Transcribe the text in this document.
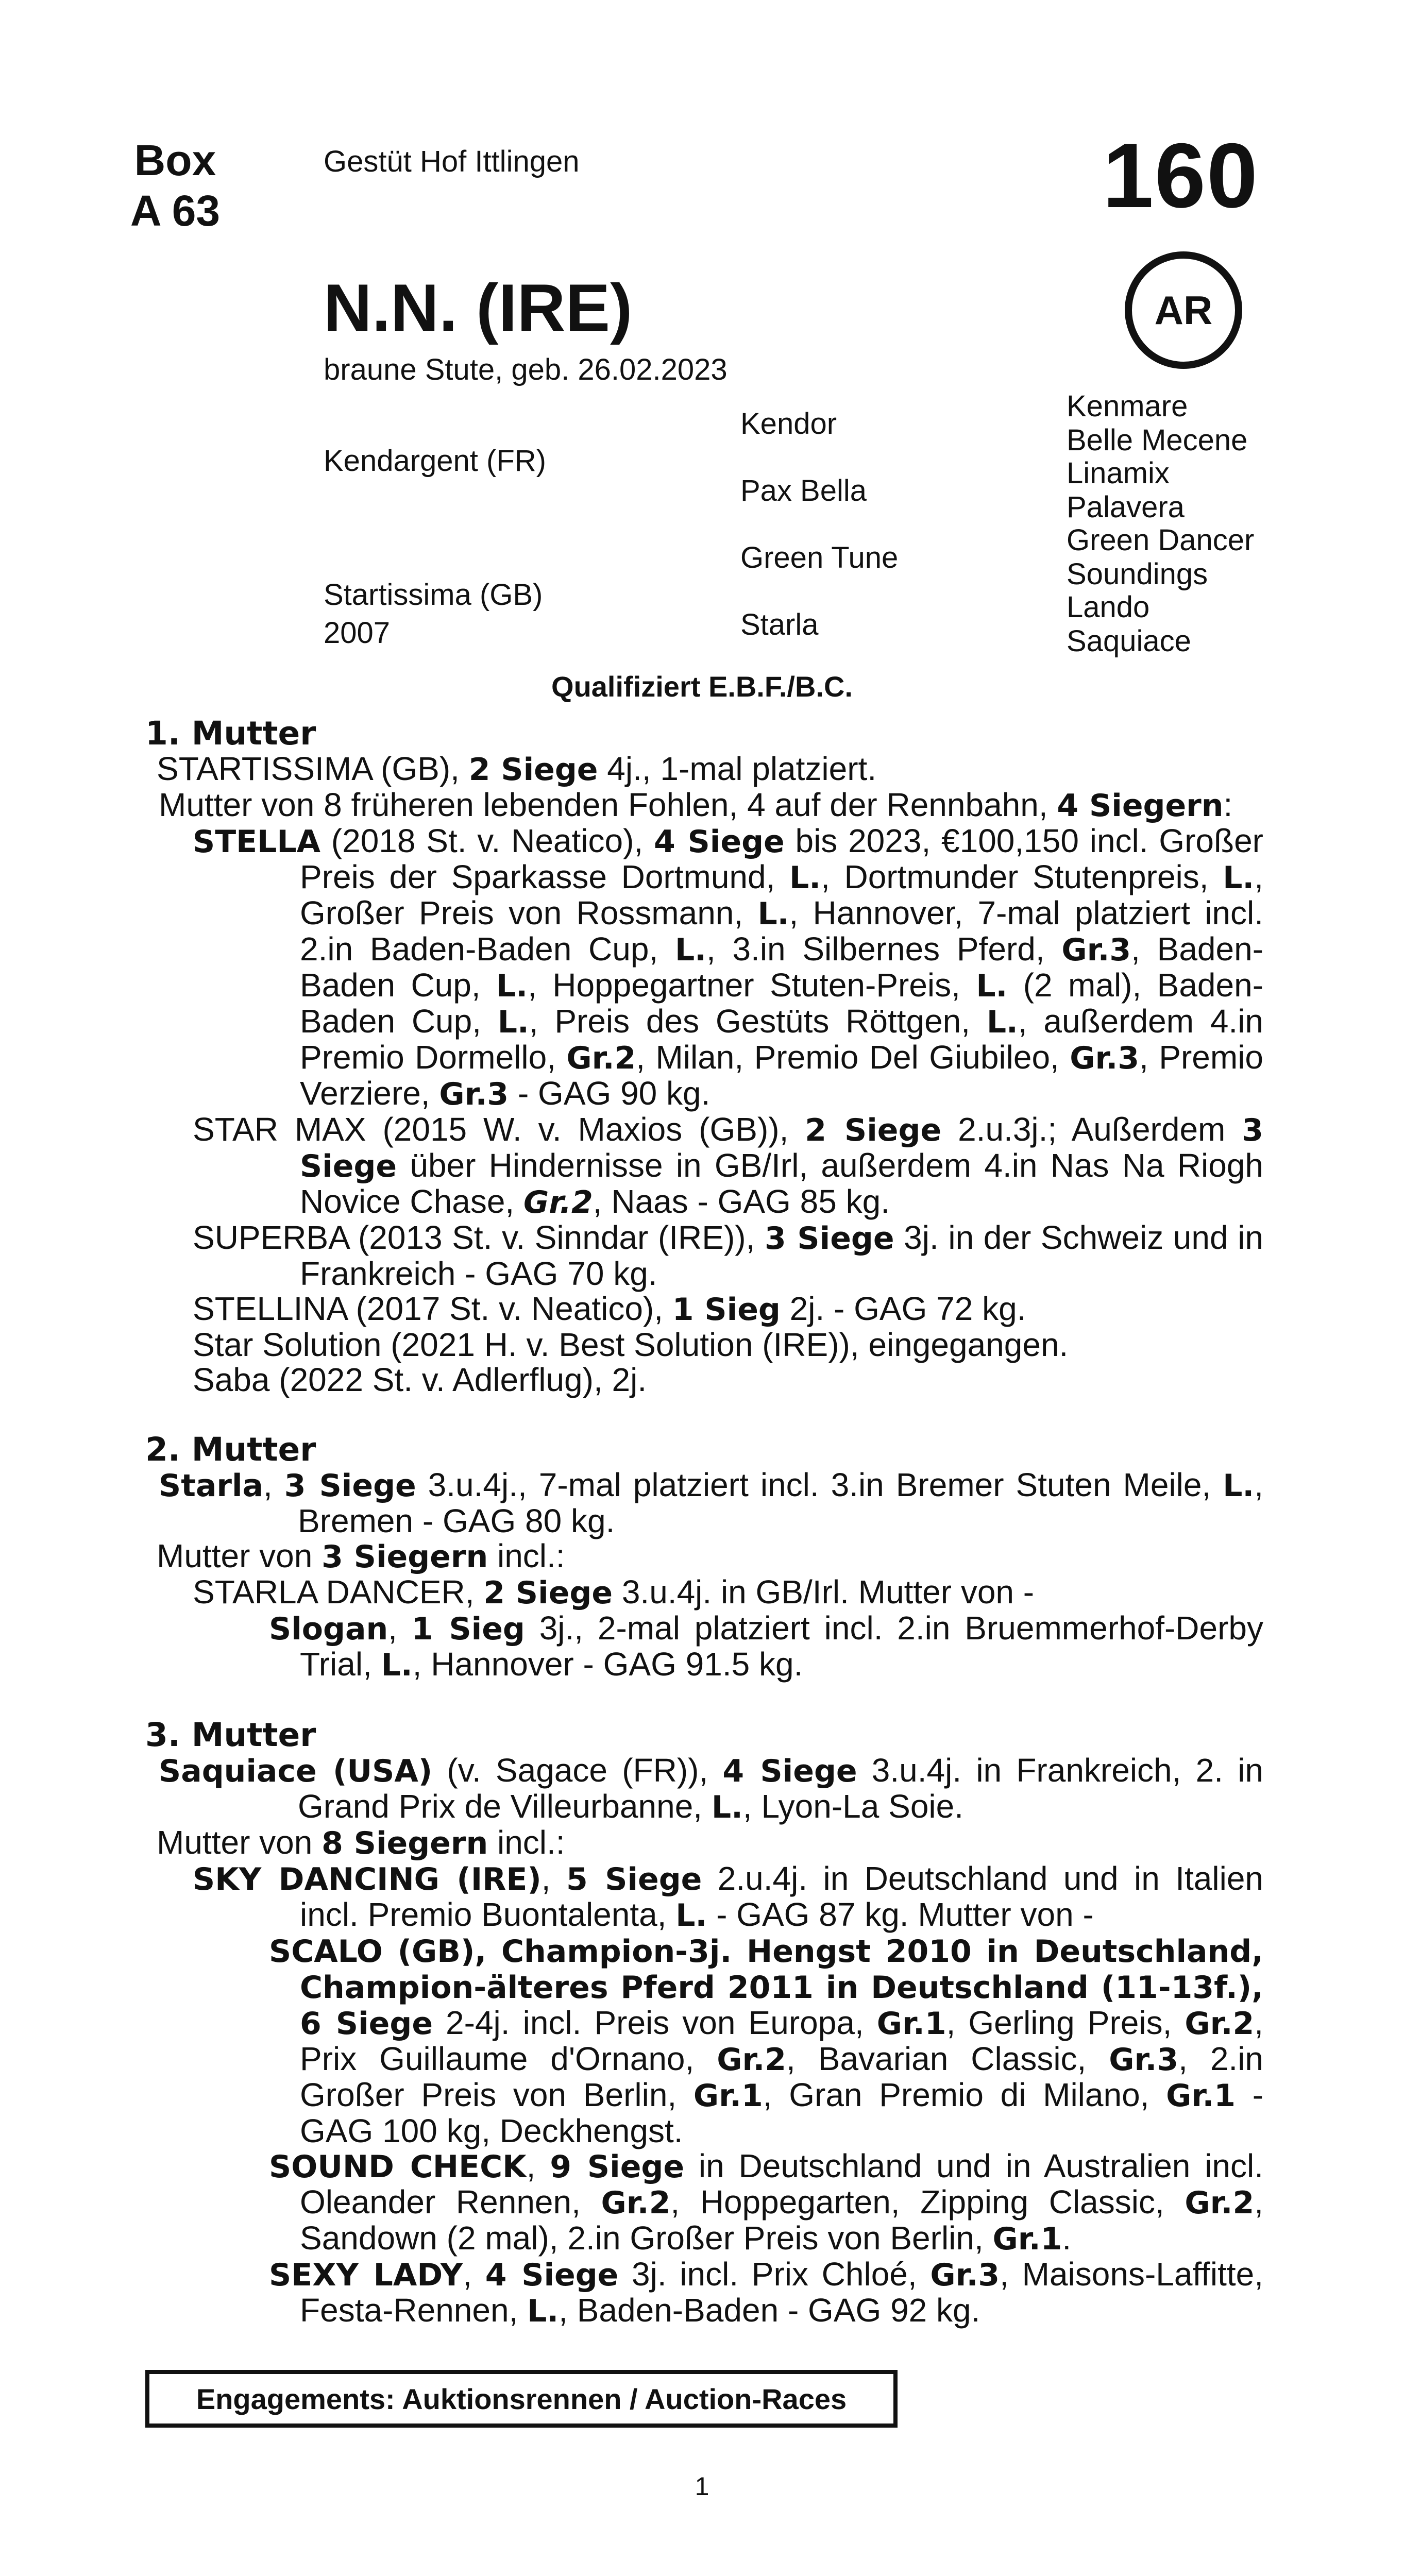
Box
A 63
Gestüt Hof Ittlingen	160
AR
N.N. (IRE)
braune Stute, geb. 26.02.2023
Kendargent (FR)
Startissima (GB)
2007
Kendor
Pax Bella
Green Tune
Starla
Kenmare
Belle Mecene
Linamix
Palavera
Green Dancer
Soundings
Lando
Saquiace
Qualifiziert E.B.F./B.C.
1. Mutter

STARTISSIMA (GB), 2 Siege 4j., 1-mal platziert.

Mutter von 8 früheren lebenden Fohlen, 4 auf der Rennbahn, 4 Siegern:

STELLA (2018 St. v. Neatico), 4 Siege bis 2023, €100,150 incl. Großer Preis der Sparkasse Dortmund, L., Dortmunder Stutenpreis, L., Großer Preis von Rossmann, L., Hannover, 7-mal platziert incl. 2.in Baden-Baden Cup, L., 3.in Silbernes Pferd, Gr.3, Baden-Baden Cup, L., Hoppegartner Stuten-Preis, L. (2 mal), Baden-Baden Cup, L., Preis des Gestüts Röttgen, L., außerdem 4.in Premio Dormello, Gr.2, Milan, Premio Del Giubileo, Gr.3, Premio Verziere, Gr.3 - GAG 90 kg.

STAR MAX (2015 W. v. Maxios (GB)), 2 Siege 2.u.3j.; Außerdem 3 Siege über Hindernisse in GB/Irl, außerdem 4.in Nas Na Riogh Novice Chase, Gr.2, Naas - GAG 85 kg.

SUPERBA (2013 St. v. Sinndar (IRE)), 3 Siege 3j. in der Schweiz und in Frankreich - GAG 70 kg.

STELLINA (2017 St. v. Neatico), 1 Sieg 2j. - GAG 72 kg.

Star Solution (2021 H. v. Best Solution (IRE)), eingegangen.

Saba (2022 St. v. Adlerflug), 2j.

2. Mutter

Starla, 3 Siege 3.u.4j., 7-mal platziert incl. 3.in Bremer Stuten Meile, L., Bremen - GAG 80 kg.

Mutter von 3 Siegern incl.:

STARLA DANCER, 2 Siege 3.u.4j. in GB/Irl. Mutter von -

Slogan, 1 Sieg 3j., 2-mal platziert incl. 2.in Bruemmerhof-Derby Trial, L., Hannover - GAG 91.5 kg.

3. Mutter

Saquiace (USA) (v. Sagace (FR)), 4 Siege 3.u.4j. in Frankreich, 2. in Grand Prix de Villeurbanne, L., Lyon-La Soie.

Mutter von 8 Siegern incl.:

SKY DANCING (IRE), 5 Siege 2.u.4j. in Deutschland und in Italien incl. Premio Buontalenta, L. - GAG 87 kg. Mutter von -

SCALO (GB), Champion-3j. Hengst 2010 in Deutschland, Champion-älteres Pferd 2011 in Deutschland (11-13f.), 6 Siege 2-4j. incl. Preis von Europa, Gr.1, Gerling Preis, Gr.2, Prix Guillaume d'Ornano, Gr.2, Bavarian Classic, Gr.3, 2.in Großer Preis von Berlin, Gr.1, Gran Premio di Milano, Gr.1 - GAG 100 kg, Deckhengst.

SOUND CHECK, 9 Siege in Deutschland und in Australien incl. Oleander Rennen, Gr.2, Hoppegarten, Zipping Classic, Gr.2, Sandown (2 mal), 2.in Großer Preis von Berlin, Gr.1.

SEXY LADY, 4 Siege 3j. incl. Prix Chloé, Gr.3, Maisons-Laffitte, Festa-Rennen, L., Baden-Baden - GAG 92 kg.

Engagements: Auktionsrennen / Auction-Races
1
